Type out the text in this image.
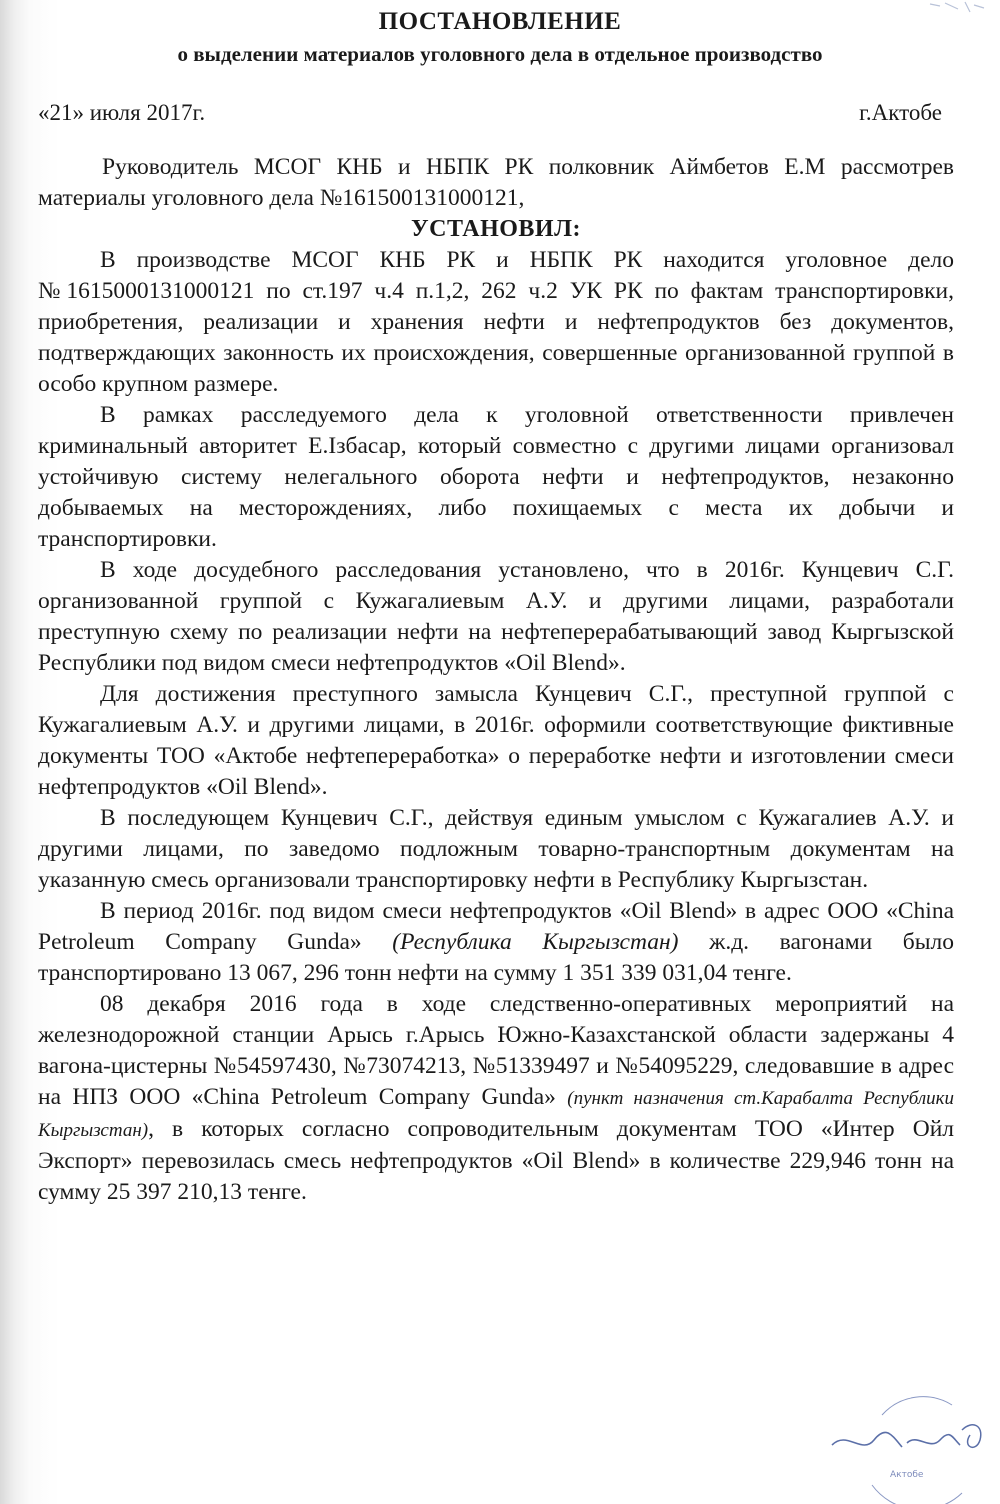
ПОСТАНОВЛЕНИЕ
о выделении материалов уголовного дела в отдельное производство
«21» июля 2017г.	г.Актобе

Руководитель МСОГ КНБ и НБПК РК полковник Аймбетов Е.М рассмотрев материалы уголовного дела №161500131000121,

УСТАНОВИЛ:

В производстве МСОГ КНБ РК и НБПК РК находится уголовное дело №1615000131000121 по ст.197 ч.4 п.1,2, 262 ч.2 УК РК по фактам транспортировки, приобретения, реализации и хранения нефти и нефтепродуктов без документов, подтверждающих законность их происхождения, совершенные организованной группой в особо крупном размере.

В рамках расследуемого дела к уголовной ответственности привлечен криминальный авторитет Е.Ізбасар, который совместно с другими лицами организовал устойчивую систему нелегального оборота нефти и нефтепродуктов, незаконно добываемых на месторождениях, либо похищаемых с места их добычи и транспортировки.

В ходе досудебного расследования установлено, что в 2016г. Кунцевич С.Г. организованной группой с Кужагалиевым А.У. и другими лицами, разработали преступную схему по реализации нефти на нефтеперерабатывающий завод Кыргызской Республики под видом смеси нефтепродуктов «Oil Blend».

Для достижения преступного замысла Кунцевич С.Г., преступной группой с Кужагалиевым А.У. и другими лицами, в 2016г. оформили соответствующие фиктивные документы ТОО «Актобе нефтепереработка» о переработке нефти и изготовлении смеси нефтепродуктов «Oil Blend».

В последующем Кунцевич С.Г., действуя единым умыслом с Кужагалиев А.У. и другими лицами, по заведомо подложным товарно-транспортным документам на указанную смесь организовали транспортировку нефти в Республику Кыргызстан.

В период 2016г. под видом смеси нефтепродуктов «Oil Blend» в адрес ООО «China Petroleum Company Gunda» (Республика Кыргызстан) ж.д. вагонами было транспортировано 13 067, 296 тонн нефти на сумму 1 351 339 031,04 тенге.

08 декабря 2016 года в ходе следственно-оперативных мероприятий на железнодорожной станции Арысь г.Арысь Южно-Казахстанской области задержаны 4 вагона-цистерны №54597430, №73074213, №51339497 и №54095229, следовавшие в адрес на НПЗ ООО «China Petroleum Company Gunda» (пункт назначения ст.Карабалта Республики Кыргызстан), в которых согласно сопроводительным документам ТОО «Интер Ойл Экспорт» перевозилась смесь нефтепродуктов «Oil Blend» в количестве 229,946 тонн на сумму 25 397 210,13 тенге.

Актобе
